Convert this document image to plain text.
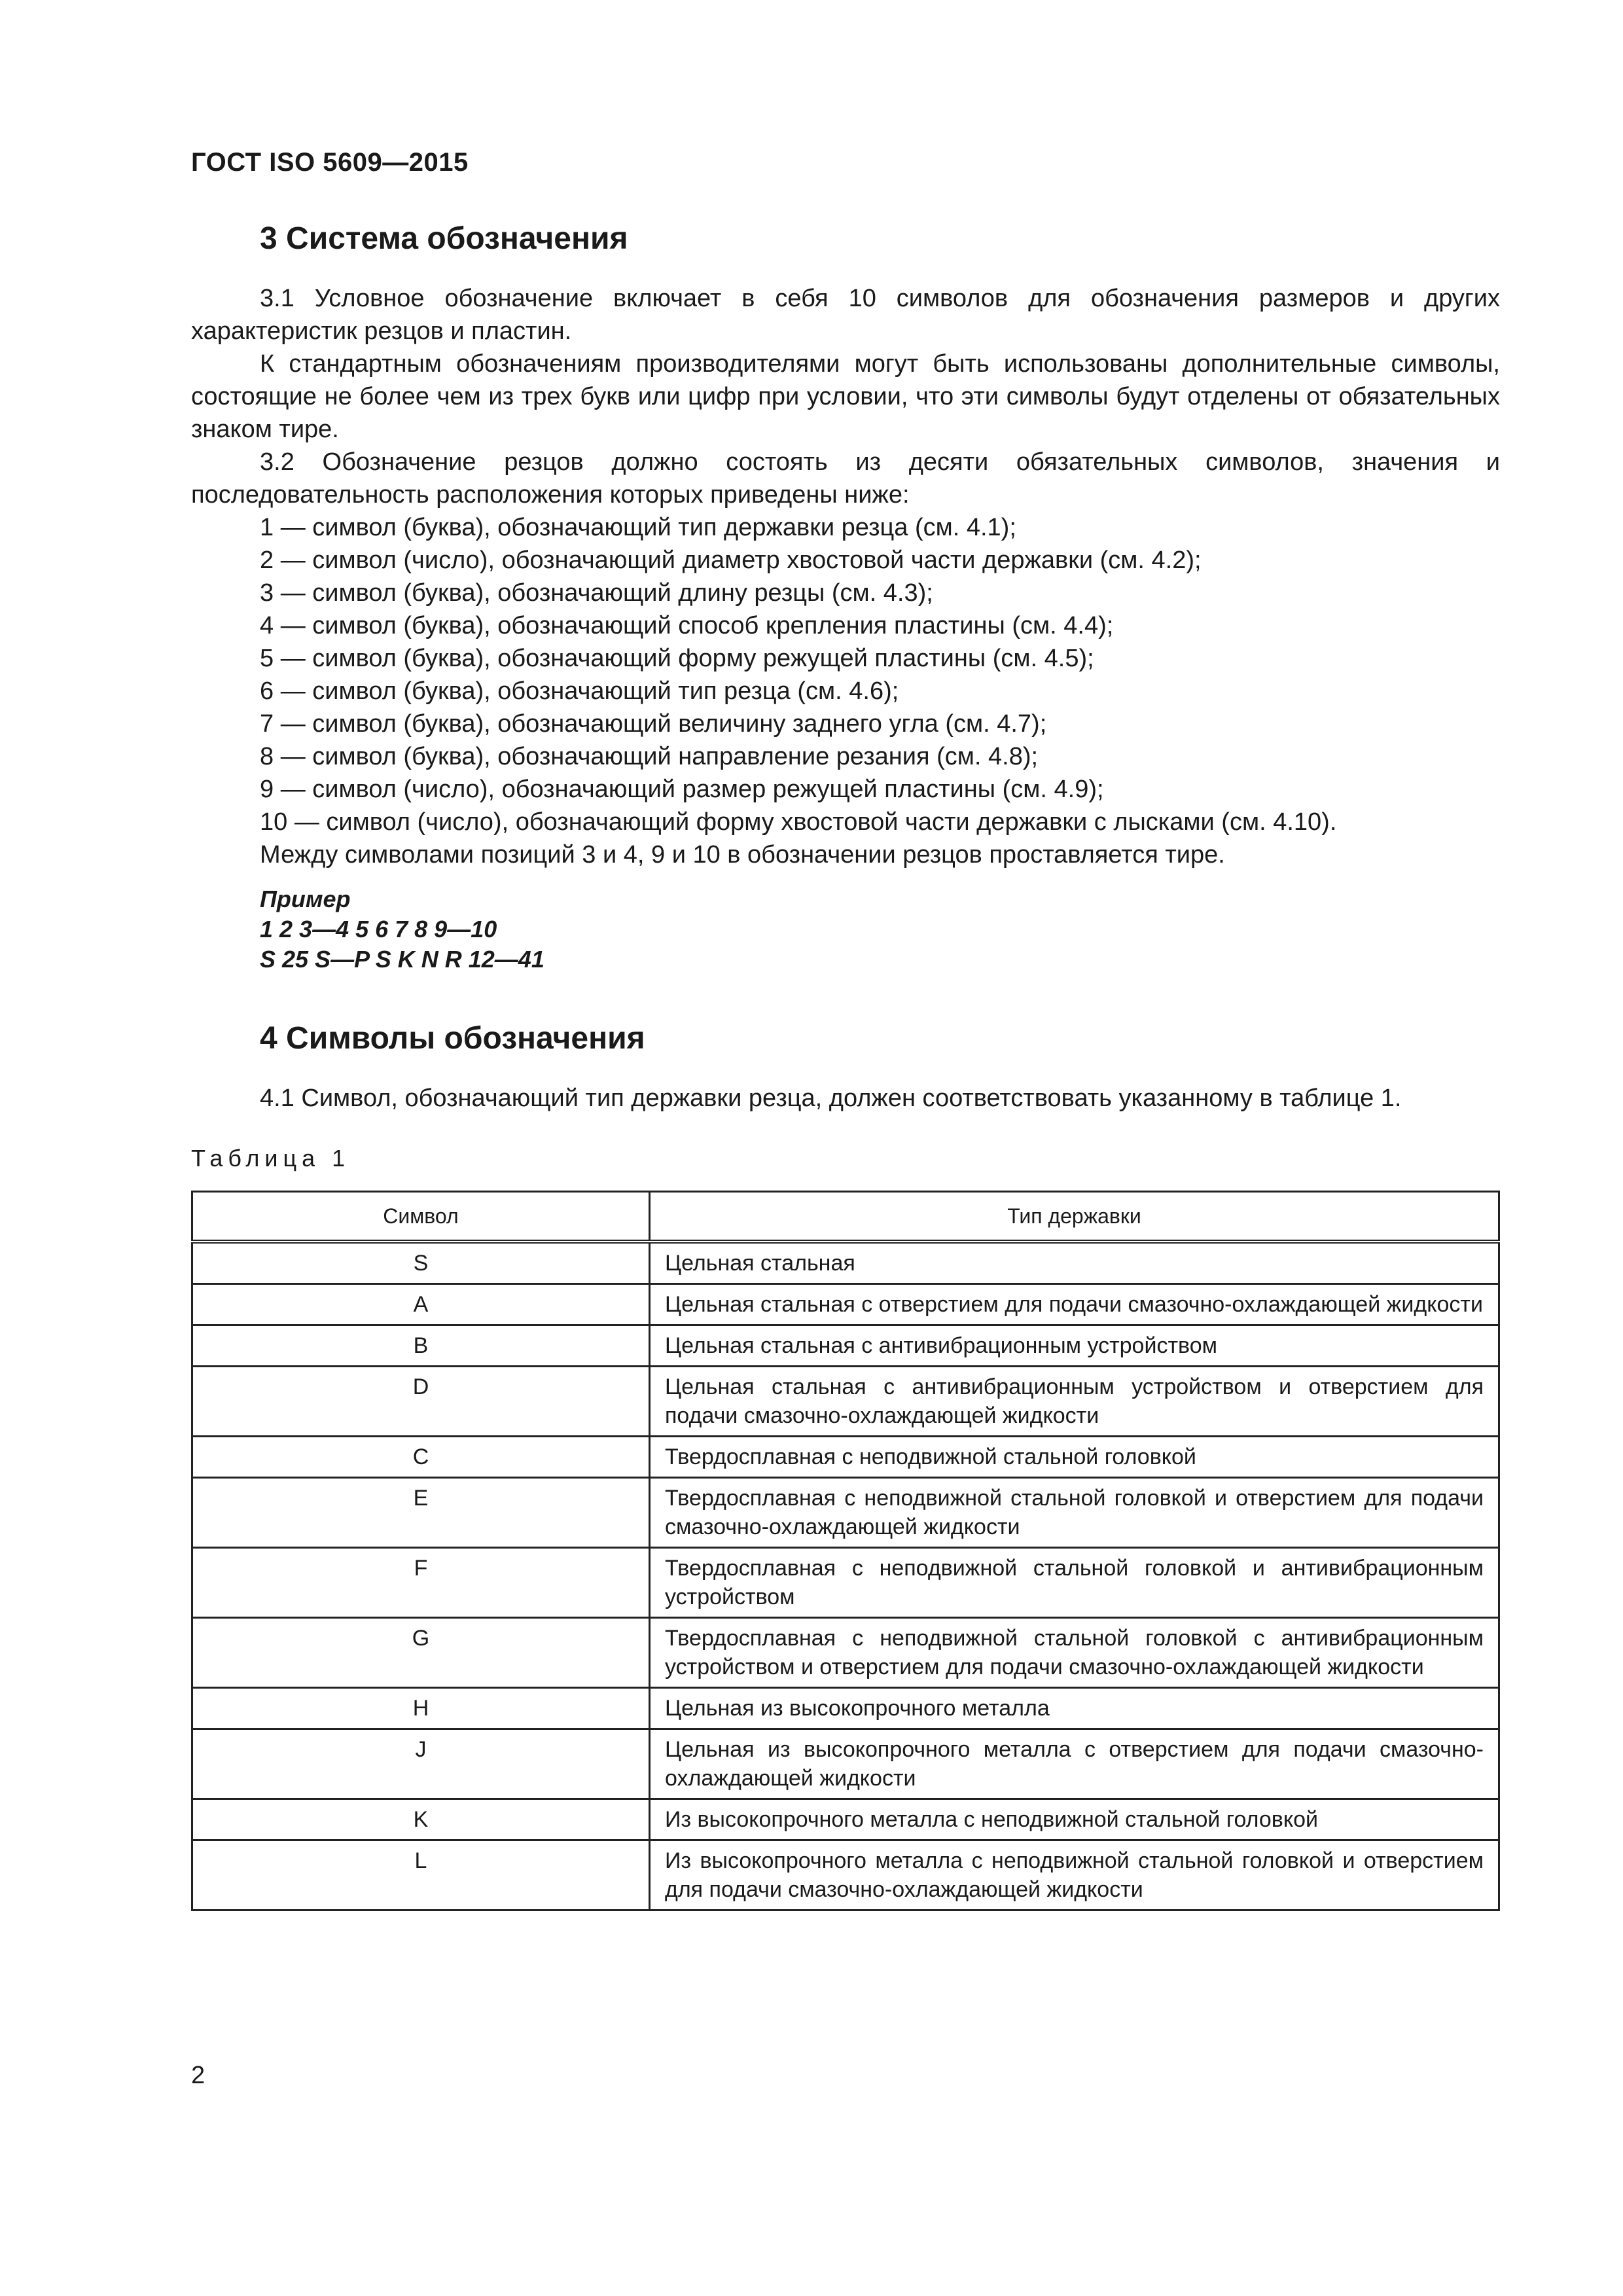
ГОСТ ISO 5609—2015
3 Система обозначения

3.1 Условное обозначение включает в себя 10 символов для обозначения размеров и других характеристик резцов и пластин.

К стандартным обозначениям производителями могут быть использованы дополнительные символы, состоящие не более чем из трех букв или цифр при условии, что эти символы будут отделены от обязательных знаком тире.

3.2 Обозначение резцов должно состоять из десяти обязательных символов, значения и последовательность расположения которых приведены ниже:

1 — символ (буква), обозначающий тип державки резца (см. 4.1);
2 — символ (число), обозначающий диаметр хвостовой части державки (см. 4.2);
3 — символ (буква), обозначающий длину резцы (см. 4.3);
4 — символ (буква), обозначающий способ крепления пластины (см. 4.4);
5 — символ (буква), обозначающий форму режущей пластины (см. 4.5);
6 — символ (буква), обозначающий тип резца (см. 4.6);
7 — символ (буква), обозначающий величину заднего угла (см. 4.7);
8 — символ (буква), обозначающий направление резания (см. 4.8);
9 — символ (число), обозначающий размер режущей пластины (см. 4.9);
10 — символ (число), обозначающий форму хвостовой части державки с лысками (см. 4.10).
Между символами позиций 3 и 4, 9 и 10 в обозначении резцов проставляется тире.
Пример
1 2 3—4 5 6 7 8 9—10
S 25 S—P S K N R 12—41
4 Символы обозначения

4.1 Символ, обозначающий тип державки резца, должен соответствовать указанному в таблице 1.

Таблица 1
Символ	Тип державки
S	Цельная стальная
A	Цельная стальная с отверстием для подачи смазочно-охлаждающей жидкости
B	Цельная стальная с антивибрационным устройством
D	Цельная стальная с антивибрационным устройством и отверстием для подачи смазочно-охлаждающей жидкости
C	Твердосплавная с неподвижной стальной головкой
E	Твердосплавная с неподвижной стальной головкой и отверстием для подачи смазочно-охлаждающей жидкости
F	Твердосплавная с неподвижной стальной головкой и антивибрационным устройством
G	Твердосплавная с неподвижной стальной головкой с антивибрационным устройством и отверстием для подачи смазочно-охлаждающей жидкости
H	Цельная из высокопрочного металла
J	Цельная из высокопрочного металла с отверстием для подачи смазочно-охлаждающей жидкости
K	Из высокопрочного металла с неподвижной стальной головкой
L	Из высокопрочного металла с неподвижной стальной головкой и отверстием для подачи смазочно-охлаждающей жидкости
2
